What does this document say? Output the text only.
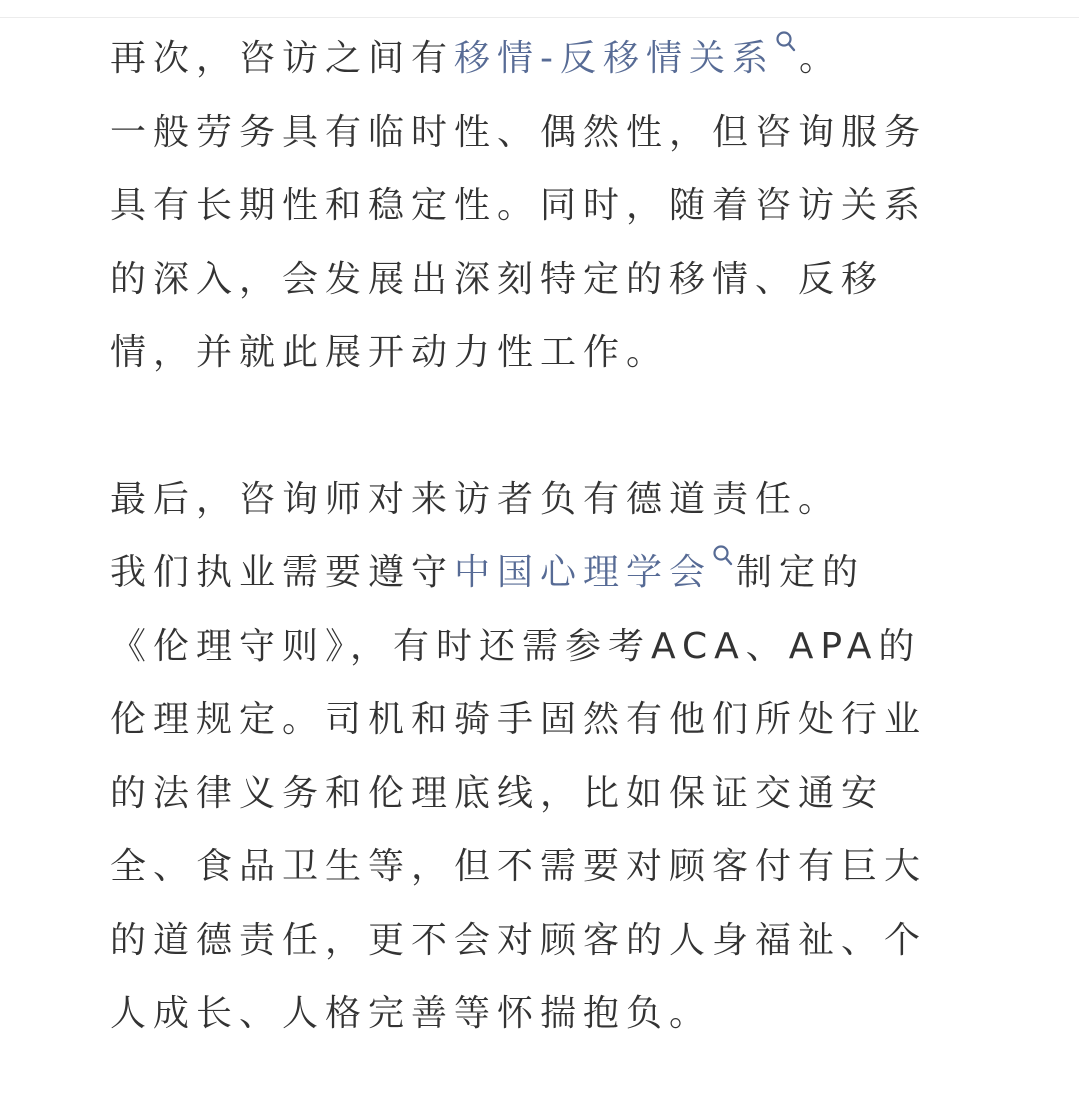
再次，咨访之间有移情-反移情关系 。
一般劳务具有临时性、偶然性，但咨询服务
具有长期性和稳定性。同时，随着咨访关系
的深入，会发展出深刻特定的移情、反移
情，并就此展开动力性工作。
最后，咨询师对来访者负有德道责任。
我们执业需要遵守中国心理学会 制定的
《伦理守则》，有时还需参考ACA、APA的
伦理规定。司机和骑手固然有他们所处行业
的法律义务和伦理底线，比如保证交通安
全、食品卫生等，但不需要对顾客付有巨大
的道德责任，更不会对顾客的人身福祉、个
人成长、人格完善等怀揣抱负。
